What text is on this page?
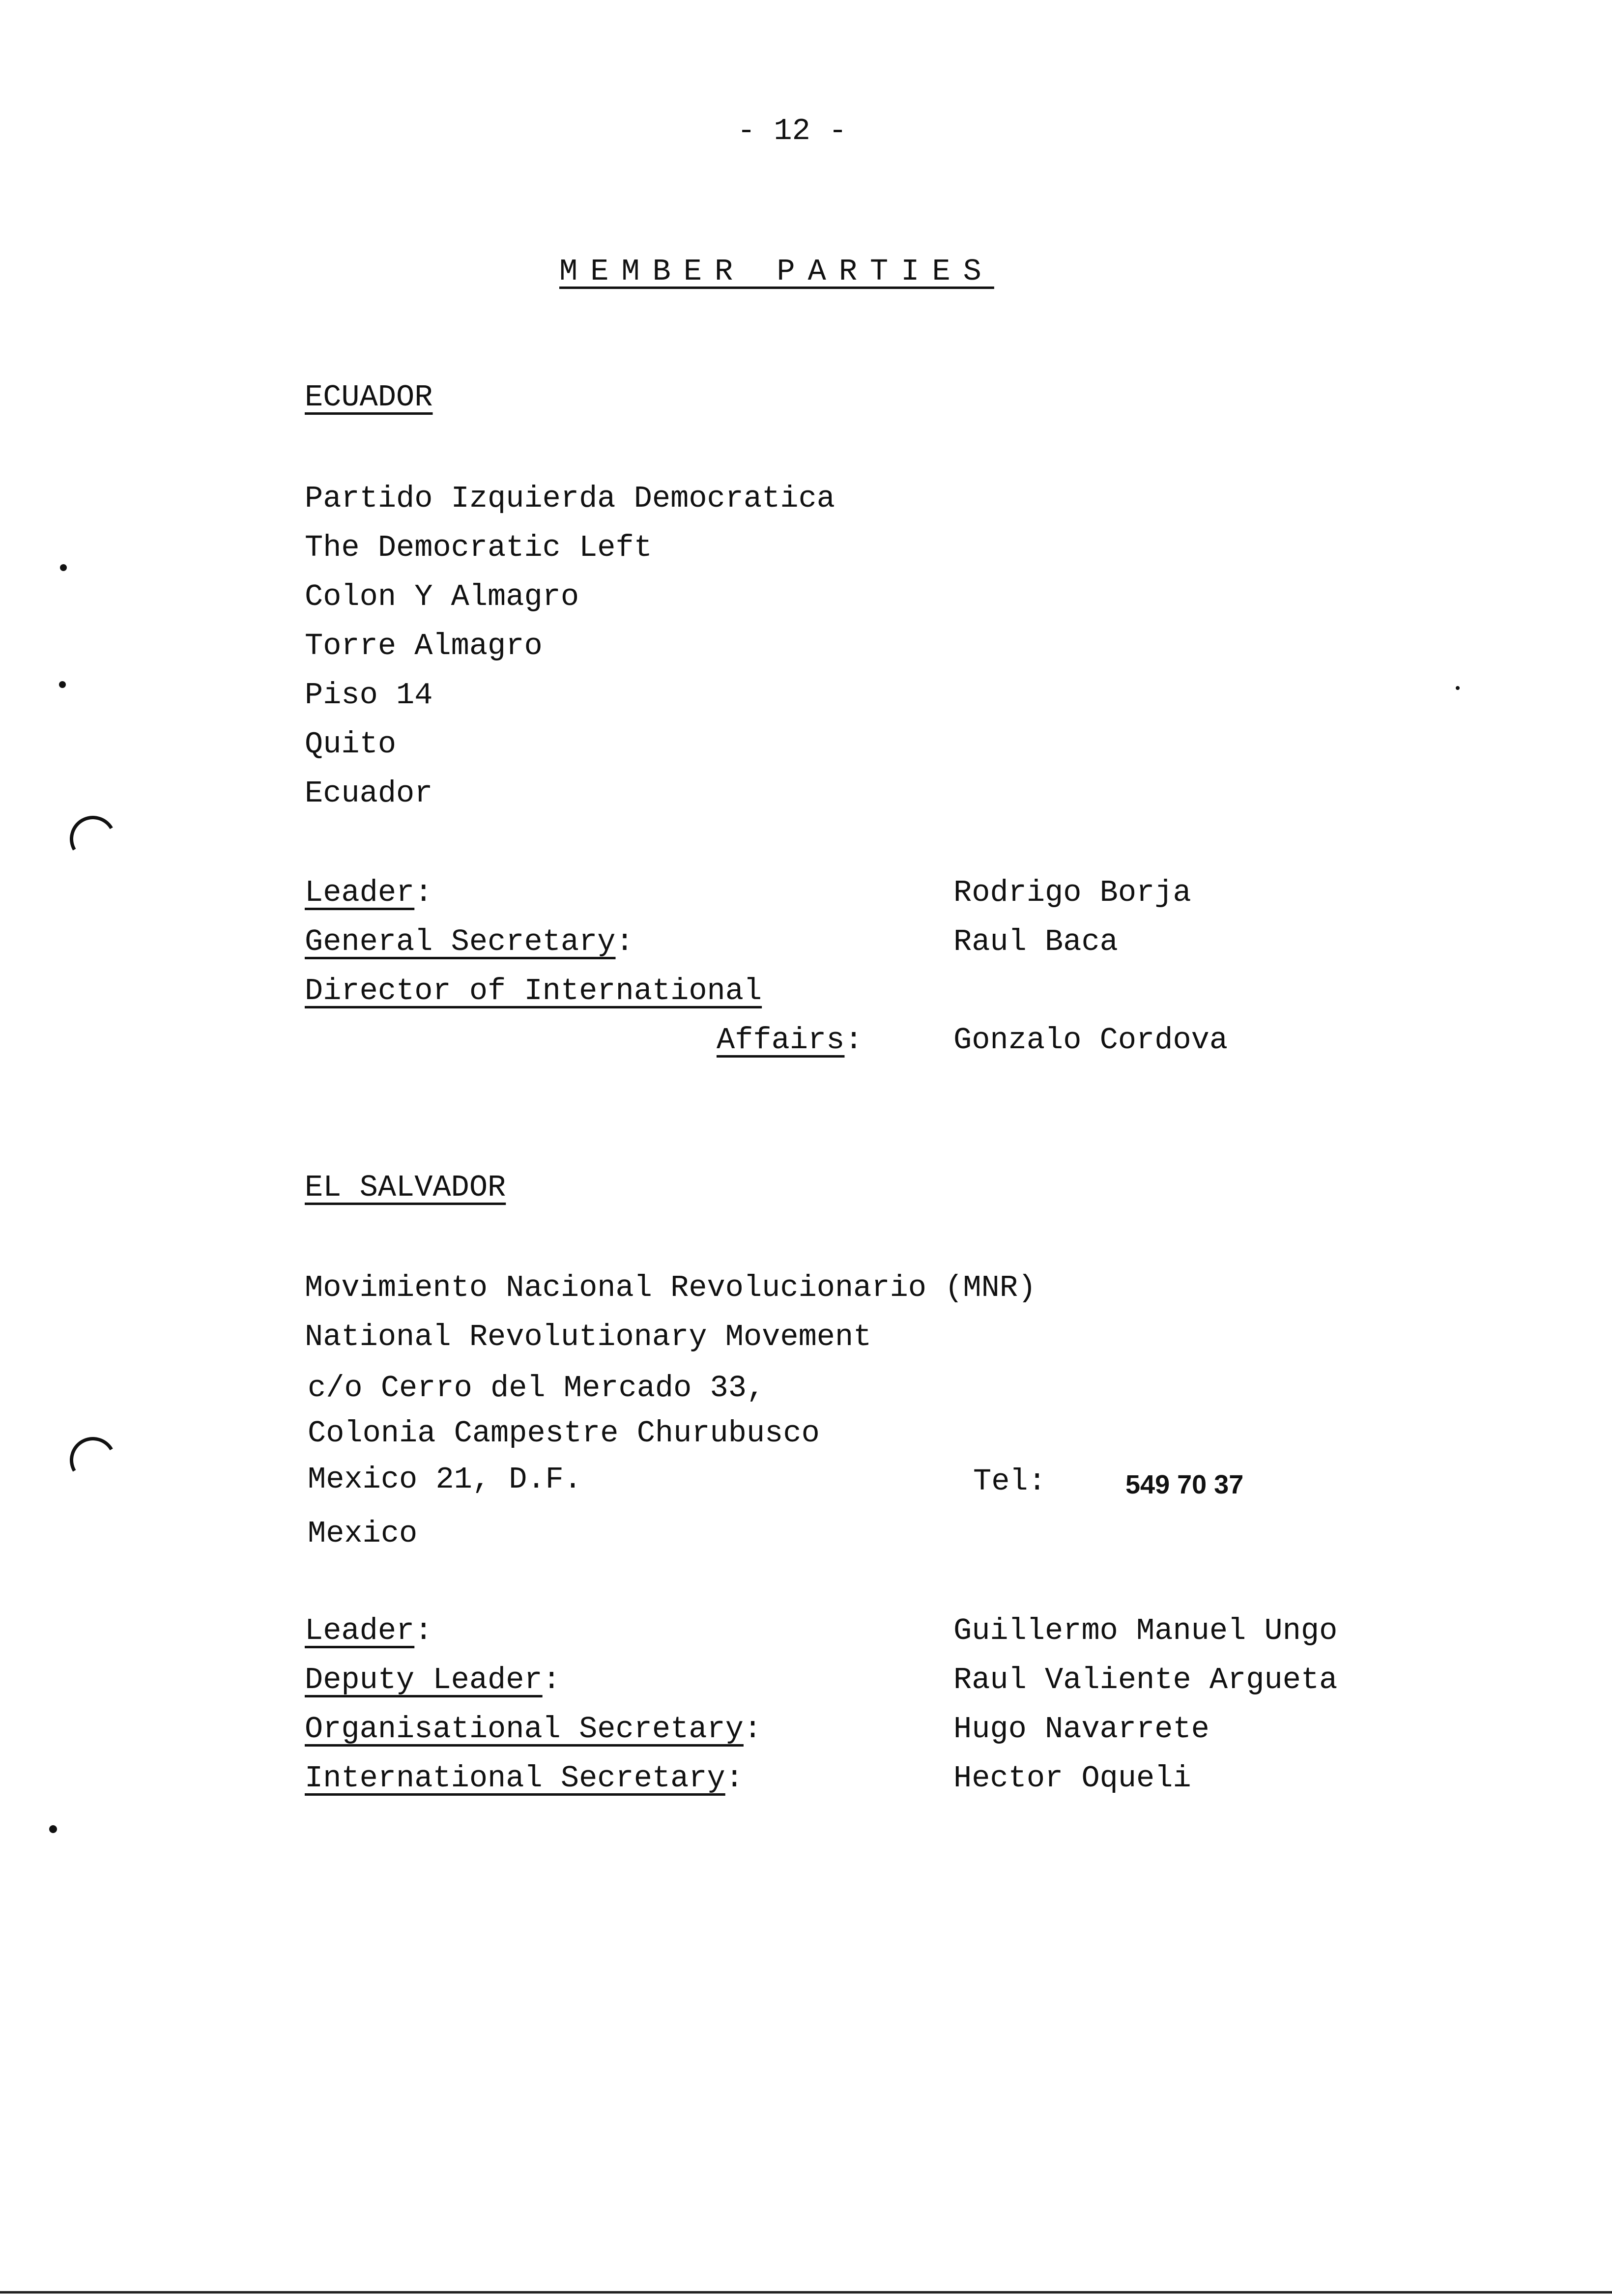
- 12 -
MEMBER PARTIES
ECUADOR
Partido Izquierda Democratica
The Democratic Left
Colon Y Almagro
Torre Almagro
Piso 14
Quito
Ecuador
Leader:	Rodrigo Borja
General Secretary:	Raul Baca
Director of International
Affairs:	Gonzalo Cordova
EL SALVADOR
Movimiento Nacional Revolucionario (MNR)
National Revolutionary Movement
c/o Cerro del Mercado 33,
Colonia Campestre Churubusco
Mexico 21, D.F.
Mexico
Tel:	549 70 37
Leader:	Guillermo Manuel Ungo
Deputy Leader:	Raul Valiente Argueta
Organisational Secretary:	Hugo Navarrete
International Secretary:	Hector Oqueli
